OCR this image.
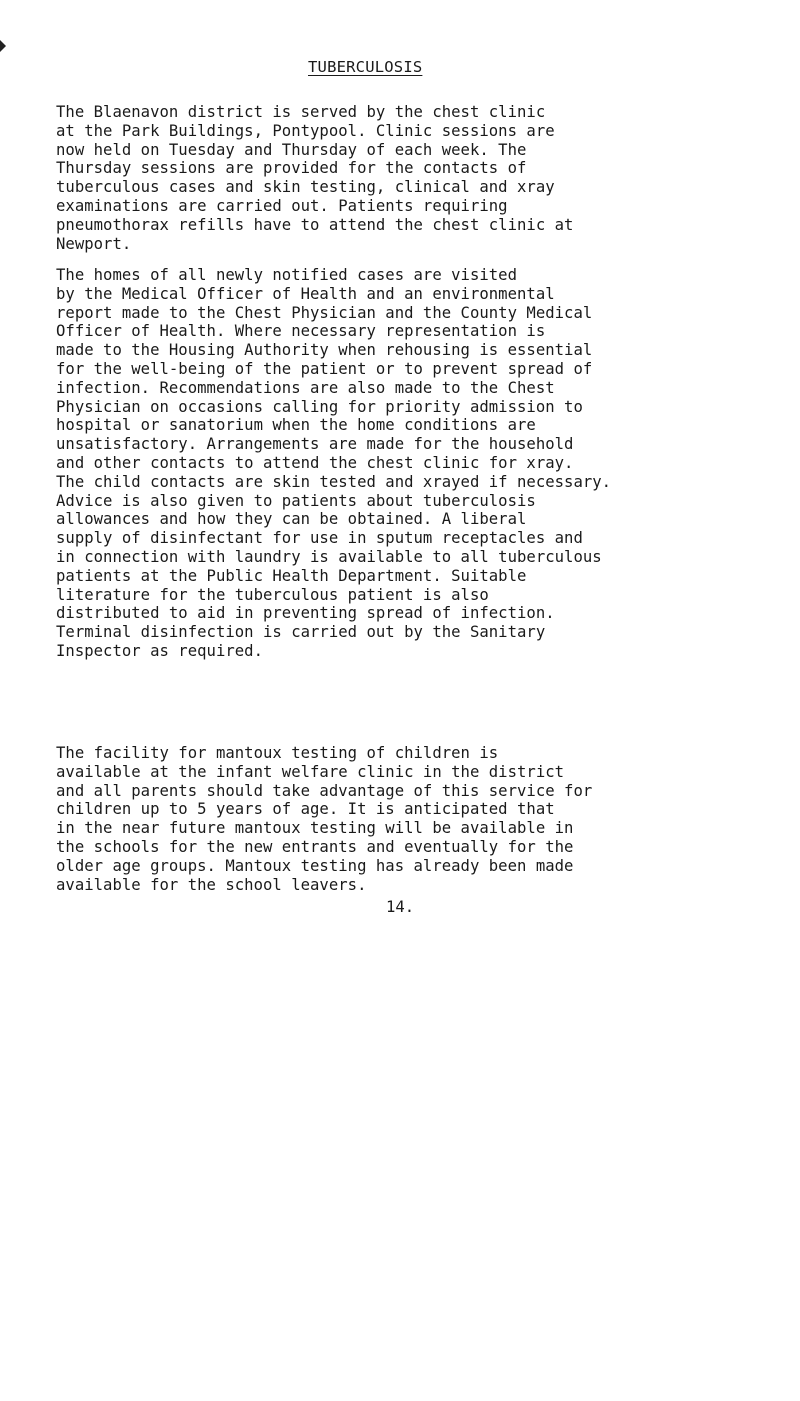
TUBERCULOSIS
The Blaenavon district is served by the chest clinic
at the Park Buildings, Pontypool. Clinic sessions are
now held on Tuesday and Thursday of each week. The
Thursday sessions are provided for the contacts of
tuberculous cases and skin testing, clinical and xray
examinations are carried out. Patients requiring
pneumothorax refills have to attend the chest clinic at
Newport.
The homes of all newly notified cases are visited
by the Medical Officer of Health and an environmental
report made to the Chest Physician and the County Medical
Officer of Health. Where necessary representation is
made to the Housing Authority when rehousing is essential
for the well-being of the patient or to prevent spread of
infection. Recommendations are also made to the Chest
Physician on occasions calling for priority admission to
hospital or sanatorium when the home conditions are
unsatisfactory. Arrangements are made for the household
and other contacts to attend the chest clinic for xray.
The child contacts are skin tested and xrayed if necessary.
Advice is also given to patients about tuberculosis
allowances and how they can be obtained. A liberal
supply of disinfectant for use in sputum receptacles and
in connection with laundry is available to all tuberculous
patients at the Public Health Department. Suitable
literature for the tuberculous patient is also
distributed to aid in preventing spread of infection.
Terminal disinfection is carried out by the Sanitary
Inspector as required.
The facility for mantoux testing of children is
available at the infant welfare clinic in the district
and all parents should take advantage of this service for
children up to 5 years of age. It is anticipated that
in the near future mantoux testing will be available in
the schools for the new entrants and eventually for the
older age groups. Mantoux testing has already been made
available for the school leavers.
14.
